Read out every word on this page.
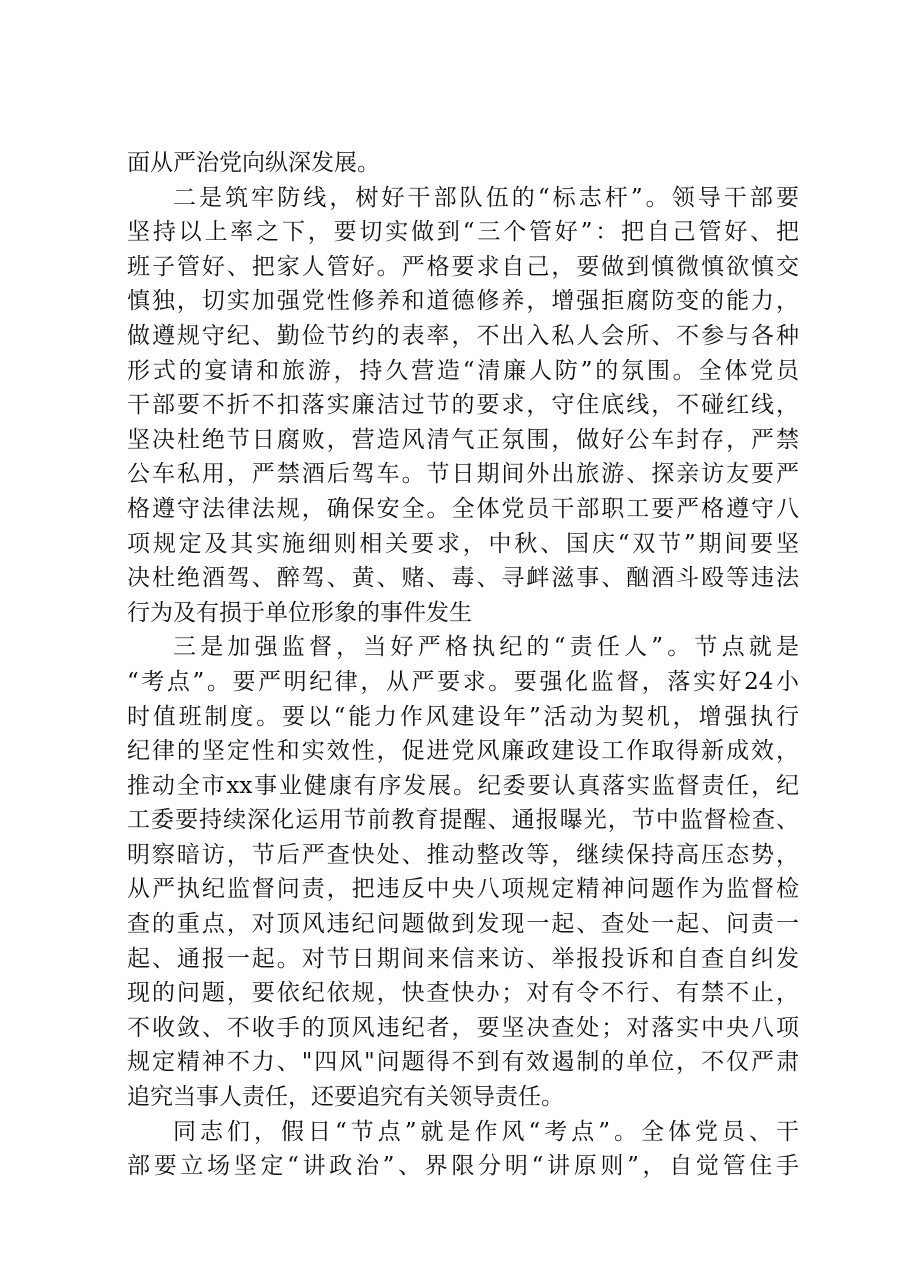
面从严治党向纵深发展。
二是筑牢防线，树好干部队伍的“标志杆”。领导干部要
坚持以上率之下，要切实做到“三个管好”：把自己管好、把
班子管好、把家人管好。严格要求自己，要做到慎微慎欲慎交
慎独，切实加强党性修养和道德修养，增强拒腐防变的能力，
做遵规守纪、勤俭节约的表率，不出入私人会所、不参与各种
形式的宴请和旅游，持久营造“清廉人防”的氛围。全体党员
干部要不折不扣落实廉洁过节的要求，守住底线，不碰红线，
坚决杜绝节日腐败，营造风清气正氛围，做好公车封存，严禁
公车私用，严禁酒后驾车。节日期间外出旅游、探亲访友要严
格遵守法律法规，确保安全。全体党员干部职工要严格遵守八
项规定及其实施细则相关要求，中秋、国庆“双节”期间要坚
决杜绝酒驾、醉驾、黄、赌、毒、寻衅滋事、酗酒斗殴等违法
行为及有损于单位形象的事件发生
三是加强监督，当好严格执纪的“责任人”。节点就是
“考点”。要严明纪律，从严要求。要强化监督，落实好24小
时值班制度。要以“能力作风建设年”活动为契机，增强执行
纪律的坚定性和实效性，促进党风廉政建设工作取得新成效，
推动全市xx事业健康有序发展。纪委要认真落实监督责任，纪
工委要持续深化运用节前教育提醒、通报曝光，节中监督检查、
明察暗访，节后严查快处、推动整改等，继续保持高压态势，
从严执纪监督问责，把违反中央八项规定精神问题作为监督检
查的重点，对顶风违纪问题做到发现一起、查处一起、问责一
起、通报一起。对节日期间来信来访、举报投诉和自查自纠发
现的问题，要依纪依规，快查快办；对有令不行、有禁不止，
不收敛、不收手的顶风违纪者，要坚决查处；对落实中央八项
规定精神不力、"四风"问题得不到有效遏制的单位，不仅严肃
追究当事人责任，还要追究有关领导责任。
同志们，假日“节点”就是作风“考点”。全体党员、干
部要立场坚定“讲政治”、界限分明“讲原则”，自觉管住手
